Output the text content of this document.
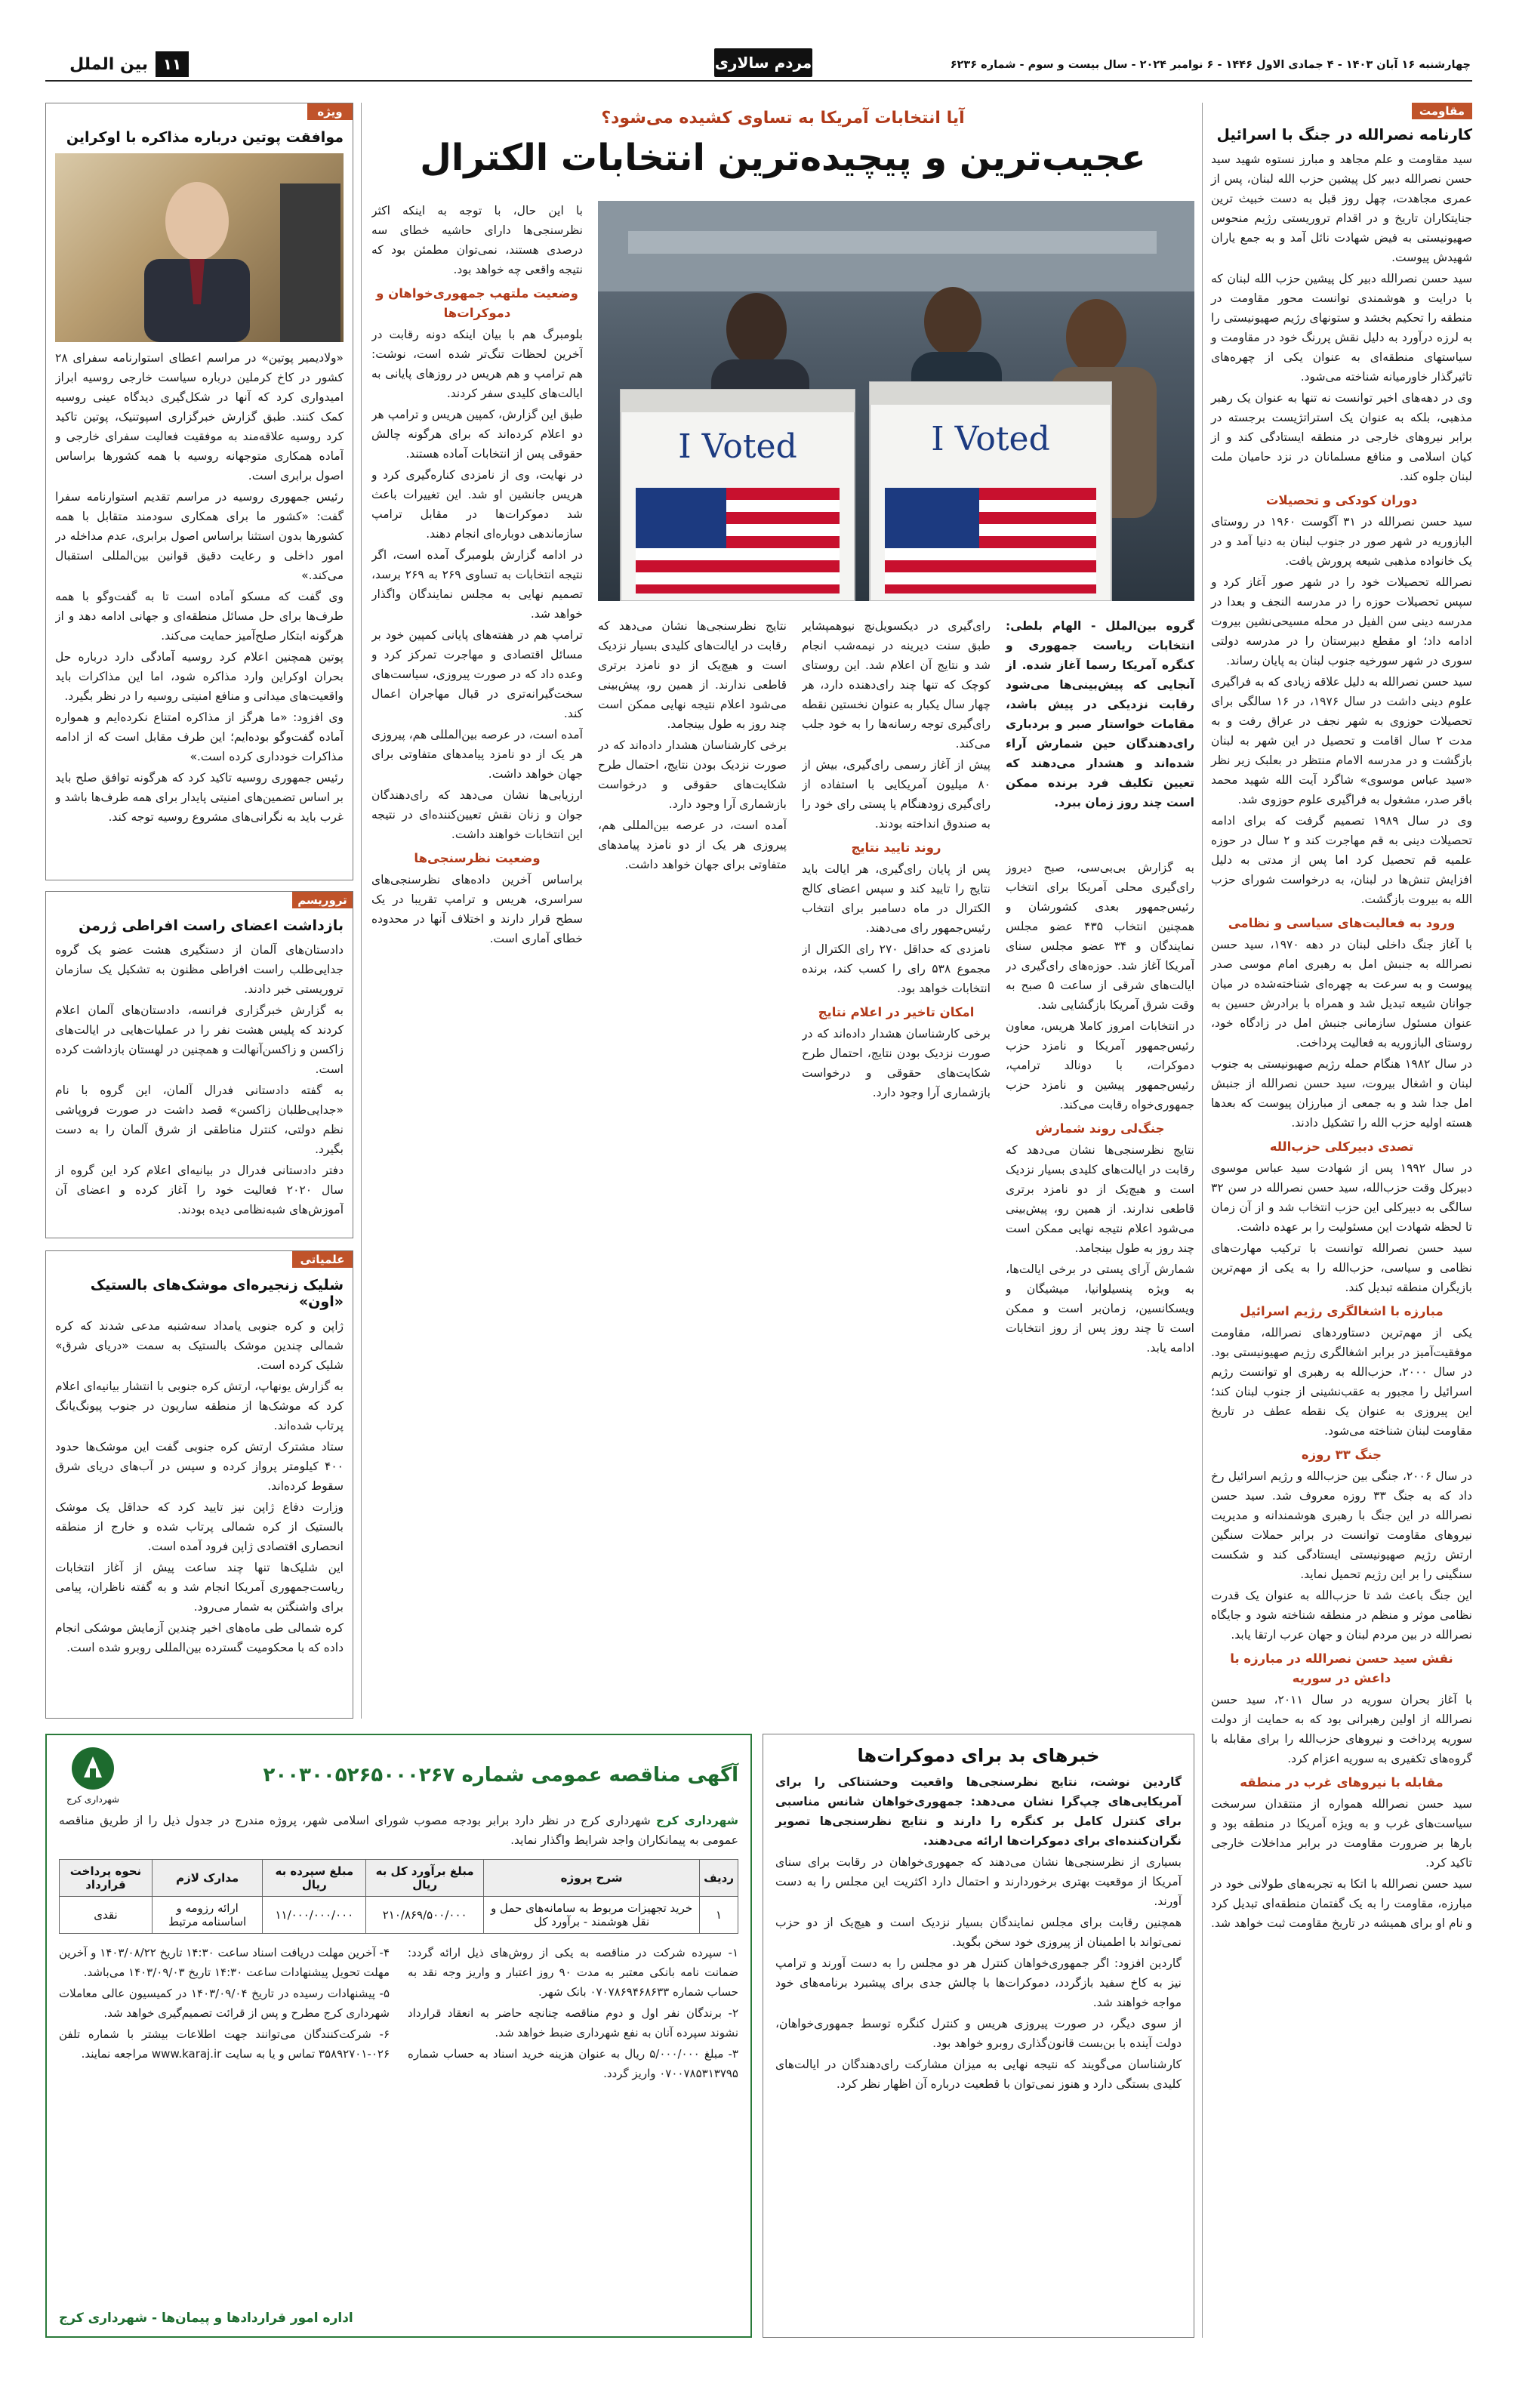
چهارشنبه ۱۶ آبان ۱۴۰۳ - ۴ جمادی الاول ۱۴۴۶ - ۶ نوامبر ۲۰۲۴ - سال بیست و سوم - شماره ۶۲۳۶
مردم سالاری
۱۱
بین الملل
مقاومت
کارنامه نصرالله در جنگ با اسرائیل

سید مقاومت و علم مجاهد و مبارز نستوه شهید سید حسن نصرالله دبیر کل پیشین حزب الله لبنان، پس از عمری مجاهدت، چهل روز قبل به دست خبیث ترین جنایتکاران تاریخ و در اقدام تروریستی رژیم منحوس صهیونیستی به فیض شهادت نائل آمد و به جمع یاران شهیدش پیوست.

سید حسن نصرالله دبیر کل پیشین حزب الله لبنان که با درایت و هوشمندی توانست محور مقاومت در منطقه را تحکیم بخشد و ستونهای رژیم صهیونیستی را به لرزه درآورد به دلیل نقش پررنگ خود در مقاومت و سیاستهای منطقه‌ای به عنوان یکی از چهره‌های تاثیرگذار خاورمیانه شناخته می‌شود.

وی در دهه‌های اخیر توانست نه تنها به عنوان یک رهبر مذهبی، بلکه به عنوان یک استراتژیست برجسته در برابر نیروهای خارجی در منطقه ایستادگی کند و از کیان اسلامی و منافع مسلمانان در نزد حامیان ملت لبنان جلوه کند.

دوران کودکی و تحصیلات

سید حسن نصرالله در ۳۱ آگوست ۱۹۶۰ در روستای البازوریه در شهر صور در جنوب لبنان به دنیا آمد و در یک خانواده مذهبی شیعه پرورش یافت.

نصرالله تحصیلات خود را در شهر صور آغاز کرد و سپس تحصیلات حوزه را در مدرسه النجف و بعدا در مدرسه دینی سن الفیل در محله مسیحی‌نشین بیروت ادامه داد؛ او مقطع دبیرستان را در مدرسه دولتی سوری در شهر سورخیه جنوب لبنان به پایان رساند.

سید حسن نصرالله به دلیل علاقه زیادی که به فراگیری علوم دینی داشت در سال ۱۹۷۶، در ۱۶ سالگی برای تحصیلات حوزوی به شهر نجف در عراق رفت و به مدت ۲ سال اقامت و تحصیل در این شهر به لبنان بازگشت و در مدرسه الامام منتظر در بعلبک زیر نظر «سید عباس موسوی» شاگرد آیت الله شهید محمد باقر صدر، مشغول به فراگیری علوم حوزوی شد.

وی در سال ۱۹۸۹ تصمیم گرفت که برای ادامه تحصیلات دینی به قم مهاجرت کند و ۲ سال در حوزه علمیه قم تحصیل کرد اما پس از مدتی به دلیل افزایش تنش‌ها در لبنان، به درخواست شورای حزب الله به بیروت بازگشت.

ورود به فعالیت‌های سیاسی و نظامی

با آغاز جنگ داخلی لبنان در دهه ۱۹۷۰، سید حسن نصرالله به جنبش امل به رهبری امام موسی صدر پیوست و به سرعت به چهره‌ای شناخته‌شده در میان جوانان شیعه تبدیل شد و همراه با برادرش حسین به عنوان مسئول سازمانی جنبش امل در زادگاه خود، روستای البازوریه به فعالیت پرداخت.

در سال ۱۹۸۲ هنگام حمله رژیم صهیونیستی به جنوب لبنان و اشغال بیروت، سید حسن نصرالله از جنبش امل جدا شد و به جمعی از مبارزان پیوست که بعدها هسته اولیه حزب الله را تشکیل دادند.

تصدی دبیرکلی حزب‌الله

در سال ۱۹۹۲ پس از شهادت سید عباس موسوی دبیرکل وقت حزب‌الله، سید حسن نصرالله در سن ۳۲ سالگی به دبیرکلی این حزب انتخاب شد و از آن زمان تا لحظه شهادت این مسئولیت را بر عهده داشت.

سید حسن نصرالله توانست با ترکیب مهارت‌های نظامی و سیاسی، حزب‌الله را به یکی از مهم‌ترین بازیگران منطقه تبدیل کند.

مبارزه با اشغالگری رژیم اسرائیل

یکی از مهم‌ترین دستاوردهای نصرالله، مقاومت موفقیت‌آمیز در برابر اشغالگری رژیم صهیونیستی بود. در سال ۲۰۰۰، حزب‌الله به رهبری او توانست رژیم اسرائیل را مجبور به عقب‌نشینی از جنوب لبنان کند؛ این پیروزی به عنوان یک نقطه عطف در تاریخ مقاومت لبنان شناخته می‌شود.

جنگ ۳۳ روزه

در سال ۲۰۰۶، جنگی بین حزب‌الله و رژیم اسرائیل رخ داد که به جنگ ۳۳ روزه معروف شد. سید حسن نصرالله در این جنگ با رهبری هوشمندانه و مدیریت نیروهای مقاومت توانست در برابر حملات سنگین ارتش رژیم صهیونیستی ایستادگی کند و شکست سنگینی را بر این رژیم تحمیل نماید.

این جنگ باعث شد تا حزب‌الله به عنوان یک قدرت نظامی موثر و منظم در منطقه شناخته شود و جایگاه نصرالله در بین مردم لبنان و جهان عرب ارتقا یابد.

نقش سید حسن نصرالله در مبارزه با داعش در سوریه

با آغاز بحران سوریه در سال ۲۰۱۱، سید حسن نصرالله از اولین رهبرانی بود که به حمایت از دولت سوریه پرداخت و نیروهای حزب‌الله را برای مقابله با گروه‌های تکفیری به سوریه اعزام کرد.

مقابله با نیروهای غرب در منطقه

سید حسن نصرالله همواره از منتقدان سرسخت سیاست‌های غرب و به ویژه آمریکا در منطقه بود و بارها بر ضرورت مقاومت در برابر مداخلات خارجی تاکید کرد.

سید حسن نصرالله با اتکا به تجربه‌های طولانی خود در مبارزه، مقاومت را به یک گفتمان منطقه‌ای تبدیل کرد و نام او برای همیشه در تاریخ مقاومت ثبت خواهد شد.

آیا انتخابات آمریکا به تساوی کشیده می‌شود؟
عجیب‌ترین و پیچیده‌ترین انتخابات الکترال
I Voted	I Voted

با این حال، با توجه به اینکه اکثر نظرسنجی‌ها دارای حاشیه خطای سه درصدی هستند، نمی‌توان مطمئن بود که نتیجه واقعی چه خواهد بود.

وضعیت ملتهب جمهوری‌خواهان و دموکرات‌ها

بلومبرگ هم با بیان اینکه دونه رقابت در آخرین لحظات تنگ‌تر شده است، نوشت: هم ترامپ و هم هریس در روزهای پایانی به ایالت‌های کلیدی سفر کردند.

طبق این گزارش، کمپین هریس و ترامپ هر دو اعلام کرده‌اند که برای هرگونه چالش حقوقی پس از انتخابات آماده هستند.

در نهایت، وی از نامزدی کناره‌گیری کرد و هریس جانشین او شد. این تغییرات باعث شد دموکرات‌ها در مقابل ترامپ سازماندهی دوباره‌ای انجام دهند.

در ادامه گزارش بلومبرگ آمده است، اگر نتیجه انتخابات به تساوی ۲۶۹ به ۲۶۹ برسد، تصمیم نهایی به مجلس نمایندگان واگذار خواهد شد.

ترامپ هم در هفته‌های پایانی کمپین خود بر مسائل اقتصادی و مهاجرت تمرکز کرد و وعده داد که در صورت پیروزی، سیاست‌های سخت‌گیرانه‌تری در قبال مهاجران اعمال کند.

آمده است، در عرصه بین‌المللی هم، پیروزی هر یک از دو نامزد پیامدهای متفاوتی برای جهان خواهد داشت.

ارزیابی‌ها نشان می‌دهد که رای‌دهندگان جوان و زنان نقش تعیین‌کننده‌ای در نتیجه این انتخابات خواهند داشت.

وضعیت نظرسنجی‌ها

براساس آخرین داده‌های نظرسنجی‌های سراسری، هریس و ترامپ تقریبا در یک سطح قرار دارند و اختلاف آنها در محدوده خطای آماری است.

گروه بین‌الملل - الهام بلطی: انتخابات ریاست جمهوری و کنگره آمریکا رسما آغاز شده. از آنجایی که پیش‌بینی‌ها می‌شود رقابت نزدیکی در پیش باشد، مقامات خواستار صبر و بردباری رای‌دهندگان حین شمارش آراء شده‌اند و هشدار می‌دهند که تعیین تکلیف فرد برنده ممکن است چند روز زمان ببرد.

به گزارش بی‌بی‌سی، صبح دیروز رای‌گیری محلی آمریکا برای انتخاب رئیس‌جمهور بعدی کشورشان و همچنین انتخاب ۴۳۵ عضو مجلس نمایندگان و ۳۴ عضو مجلس سنای آمریکا آغاز شد. حوزه‌های رای‌گیری در ایالت‌های شرقی از ساعت ۵ صبح به وقت شرق آمریکا بازگشایی شد.

در انتخابات امروز کاملا هریس، معاون رئیس‌جمهور آمریکا و نامزد حزب دموکرات، با دونالد ترامپ، رئیس‌جمهور پیشین و نامزد حزب جمهوری‌خواه رقابت می‌کند.

جنگ‌لی روند شمارش

نتایج نظرسنجی‌ها نشان می‌دهد که رقابت در ایالت‌های کلیدی بسیار نزدیک است و هیچ‌یک از دو نامزد برتری قاطعی ندارند. از همین رو، پیش‌بینی می‌شود اعلام نتیجه نهایی ممکن است چند روز به طول بینجامد.

شمارش آرای پستی در برخی ایالت‌ها، به ویژه پنسیلوانیا، میشیگان و ویسکانسین، زمان‌بر است و ممکن است تا چند روز پس از روز انتخابات ادامه یابد.

رای‌گیری در دیکسویل‌نچ نیوهمپشایر طبق سنت دیرینه در نیمه‌شب انجام شد و نتایج آن اعلام شد. این روستای کوچک که تنها چند رای‌دهنده دارد، هر چهار سال یکبار به عنوان نخستین نقطه رای‌گیری توجه رسانه‌ها را به خود جلب می‌کند.

پیش از آغاز رسمی رای‌گیری، بیش از ۸۰ میلیون آمریکایی با استفاده از رای‌گیری زودهنگام یا پستی رای خود را به صندوق انداخته بودند.

روند تایید نتایج

پس از پایان رای‌گیری، هر ایالت باید نتایج را تایید کند و سپس اعضای کالج الکترال در ماه دسامبر برای انتخاب رئیس‌جمهور رای می‌دهند.

نامزدی که حداقل ۲۷۰ رای الکترال از مجموع ۵۳۸ رای را کسب کند، برنده انتخابات خواهد بود.

امکان تاخیر در اعلام نتایج

برخی کارشناسان هشدار داده‌اند که در صورت نزدیک بودن نتایج، احتمال طرح شکایت‌های حقوقی و درخواست بازشماری آرا وجود دارد.

نتایج نظرسنجی‌ها نشان می‌دهد که رقابت در ایالت‌های کلیدی بسیار نزدیک است و هیچ‌یک از دو نامزد برتری قاطعی ندارند. از همین رو، پیش‌بینی می‌شود اعلام نتیجه نهایی ممکن است چند روز به طول بینجامد.

برخی کارشناسان هشدار داده‌اند که در صورت نزدیک بودن نتایج، احتمال طرح شکایت‌های حقوقی و درخواست بازشماری آرا وجود دارد.

آمده است، در عرصه بین‌المللی هم، پیروزی هر یک از دو نامزد پیامدهای متفاوتی برای جهان خواهد داشت.

خبرهای بد برای دموکرات‌ها

گاردین نوشت، نتایج نظرسنجی‌ها واقعیت وحشتناکی را برای آمریکایی‌های چپ‌گرا نشان می‌دهد: جمهوری‌خواهان شانس مناسبی برای کنترل کامل بر کنگره را دارند و نتایج نظرسنجی‌ها تصویر نگران‌کننده‌ای برای دموکرات‌ها ارائه می‌دهند.

بسیاری از نظرسنجی‌ها نشان می‌دهند که جمهوری‌خواهان در رقابت برای سنای آمریکا از موقعیت بهتری برخوردارند و احتمال دارد اکثریت این مجلس را به دست آورند.

همچنین رقابت برای مجلس نمایندگان بسیار نزدیک است و هیچ‌یک از دو حزب نمی‌تواند با اطمینان از پیروزی خود سخن بگوید.

گاردین افزود: اگر جمهوری‌خواهان کنترل هر دو مجلس را به دست آورند و ترامپ نیز به کاخ سفید بازگردد، دموکرات‌ها با چالش جدی برای پیشبرد برنامه‌های خود مواجه خواهند شد.

از سوی دیگر، در صورت پیروزی هریس و کنترل کنگره توسط جمهوری‌خواهان، دولت آینده با بن‌بست قانون‌گذاری روبرو خواهد بود.

کارشناسان می‌گویند که نتیجه نهایی به میزان مشارکت رای‌دهندگان در ایالت‌های کلیدی بستگی دارد و هنوز نمی‌توان با قطعیت درباره آن اظهار نظر کرد.

ویژه
موافقت پوتین درباره مذاکره با اوکراین

«ولادیمیر پوتین» در مراسم اعطای استوارنامه سفرای ۲۸ کشور در کاخ کرملین درباره سیاست خارجی روسیه ابراز امیدواری کرد که آنها در شکل‌گیری دیدگاه عینی روسیه کمک کنند. طبق گزارش خبرگزاری اسپوتنیک، پوتین تاکید کرد روسیه علاقه‌مند به موفقیت فعالیت سفرای خارجی و آماده همکاری متوجهانه روسیه با همه کشورها براساس اصول برابری است.

رئیس جمهوری روسیه در مراسم تقدیم استوارنامه سفرا گفت: «کشور ما برای همکاری سودمند متقابل با همه کشورها بدون استثنا براساس اصول برابری، عدم مداخله در امور داخلی و رعایت دقیق قوانین بین‌المللی استقبال می‌کند.»

وی گفت که مسکو آماده است تا به گفت‌وگو با همه طرف‌ها برای حل مسائل منطقه‌ای و جهانی ادامه دهد و از هرگونه ابتکار صلح‌آمیز حمایت می‌کند.

پوتین همچنین اعلام کرد روسیه آمادگی دارد درباره حل بحران اوکراین وارد مذاکره شود، اما این مذاکرات باید واقعیت‌های میدانی و منافع امنیتی روسیه را در نظر بگیرد.

وی افزود: «ما هرگز از مذاکره امتناع نکرده‌ایم و همواره آماده گفت‌وگو بوده‌ایم؛ این طرف مقابل است که از ادامه مذاکرات خودداری کرده است.»

رئیس جمهوری روسیه تاکید کرد که هرگونه توافق صلح باید بر اساس تضمین‌های امنیتی پایدار برای همه طرف‌ها باشد و غرب باید به نگرانی‌های مشروع روسیه توجه کند.

تروریسم
بازداشت اعضای راست افراطی ژرمن

دادستان‌های آلمان از دستگیری هشت عضو یک گروه جدایی‌طلب راست افراطی مظنون به تشکیل یک سازمان تروریستی خبر دادند.

به گزارش خبرگزاری فرانسه، دادستان‌های آلمان اعلام کردند که پلیس هشت نفر را در عملیات‌هایی در ایالت‌های زاکسن و زاکسن‌آنهالت و همچنین در لهستان بازداشت کرده است.

به گفته دادستانی فدرال آلمان، این گروه با نام «جدایی‌طلبان زاکسن» قصد داشت در صورت فروپاشی نظم دولتی، کنترل مناطقی از شرق آلمان را به دست بگیرد.

دفتر دادستانی فدرال در بیانیه‌ای اعلام کرد این گروه از سال ۲۰۲۰ فعالیت خود را آغاز کرده و اعضای آن آموزش‌های شبه‌نظامی دیده بودند.

علمیاتی
شلیک زنجیره‌ای موشک‌های بالستیک «اون»

ژاپن و کره جنوبی یامداد سه‌شنبه مدعی شدند که کره شمالی چندین موشک بالستیک به سمت «دریای شرق» شلیک کرده است.

به گزارش یونهاپ، ارتش کره جنوبی با انتشار بیانیه‌ای اعلام کرد که موشک‌ها از منطقه ساریون در جنوب پیونگ‌یانگ پرتاب شده‌اند.

ستاد مشترک ارتش کره جنوبی گفت این موشک‌ها حدود ۴۰۰ کیلومتر پرواز کرده و سپس در آب‌های دریای شرق سقوط کرده‌اند.

وزارت دفاع ژاپن نیز تایید کرد که حداقل یک موشک بالستیک از کره شمالی پرتاب شده و خارج از منطقه انحصاری اقتصادی ژاپن فرود آمده است.

این شلیک‌ها تنها چند ساعت پیش از آغاز انتخابات ریاست‌جمهوری آمریکا انجام شد و به گفته ناظران، پیامی برای واشنگتن به شمار می‌رود.

کره شمالی طی ماه‌های اخیر چندین آزمایش موشکی انجام داده که با محکومیت گسترده بین‌المللی روبرو شده است.

آگهی مناقصه عمومی شماره ۲۰۰۳۰۰۵۲۶۵۰۰۰۲۶۷
شهرداری کرج
شهرداری کرج شهرداری کرج در نظر دارد برابر بودجه مصوب شورای اسلامی شهر، پروژه مندرج در جدول ذیل را از طریق مناقصه عمومی به پیمانکاران واجد شرایط واگذار نماید.
ردیف	شرح پروژه	مبلغ برآورد کل به ریال	مبلغ سپرده به ریال	مدارک لازم	نحوه پرداخت قرارداد
۱	خرید تجهیزات مربوط به سامانه‌های حمل و نقل هوشمند - برآورد کل	۲۱۰/۸۶۹/۵۰۰/۰۰۰	۱۱/۰۰۰/۰۰۰/۰۰۰	ارائه رزومه و اساسنامه مرتبط	نقدی

۱- سپرده شرکت در مناقصه به یکی از روش‌های ذیل ارائه گردد: ضمانت نامه بانکی معتبر به مدت ۹۰ روز اعتبار و واریز وجه نقد به حساب شماره ۰۷۰۷۸۶۹۴۶۸۶۳۳ بانک شهر.

۲- برندگان نفر اول و دوم مناقصه چنانچه حاضر به انعقاد قرارداد نشوند سپرده آنان به نفع شهرداری ضبط خواهد شد.

۳- مبلغ ۵/۰۰۰/۰۰۰ ریال به عنوان هزینه خرید اسناد به حساب شماره ۰۷۰۰۷۸۵۳۱۳۷۹۵ واریز گردد.

۴- آخرین مهلت دریافت اسناد ساعت ۱۴:۳۰ تاریخ ۱۴۰۳/۰۸/۲۲ و آخرین مهلت تحویل پیشنهادات ساعت ۱۴:۳۰ تاریخ ۱۴۰۳/۰۹/۰۳ می‌باشد.

۵- پیشنهادات رسیده در تاریخ ۱۴۰۳/۰۹/۰۴ در کمیسیون عالی معاملات شهرداری کرج مطرح و پس از قرائت تصمیم‌گیری خواهد شد.

۶- شرکت‌کنندگان می‌توانند جهت اطلاعات بیشتر با شماره تلفن ۰۲۶-۳۵۸۹۲۷۰۱ تماس و یا به سایت www.karaj.ir مراجعه نمایند.

اداره امور قراردادها و پیمان‌ها - شهرداری کرج
